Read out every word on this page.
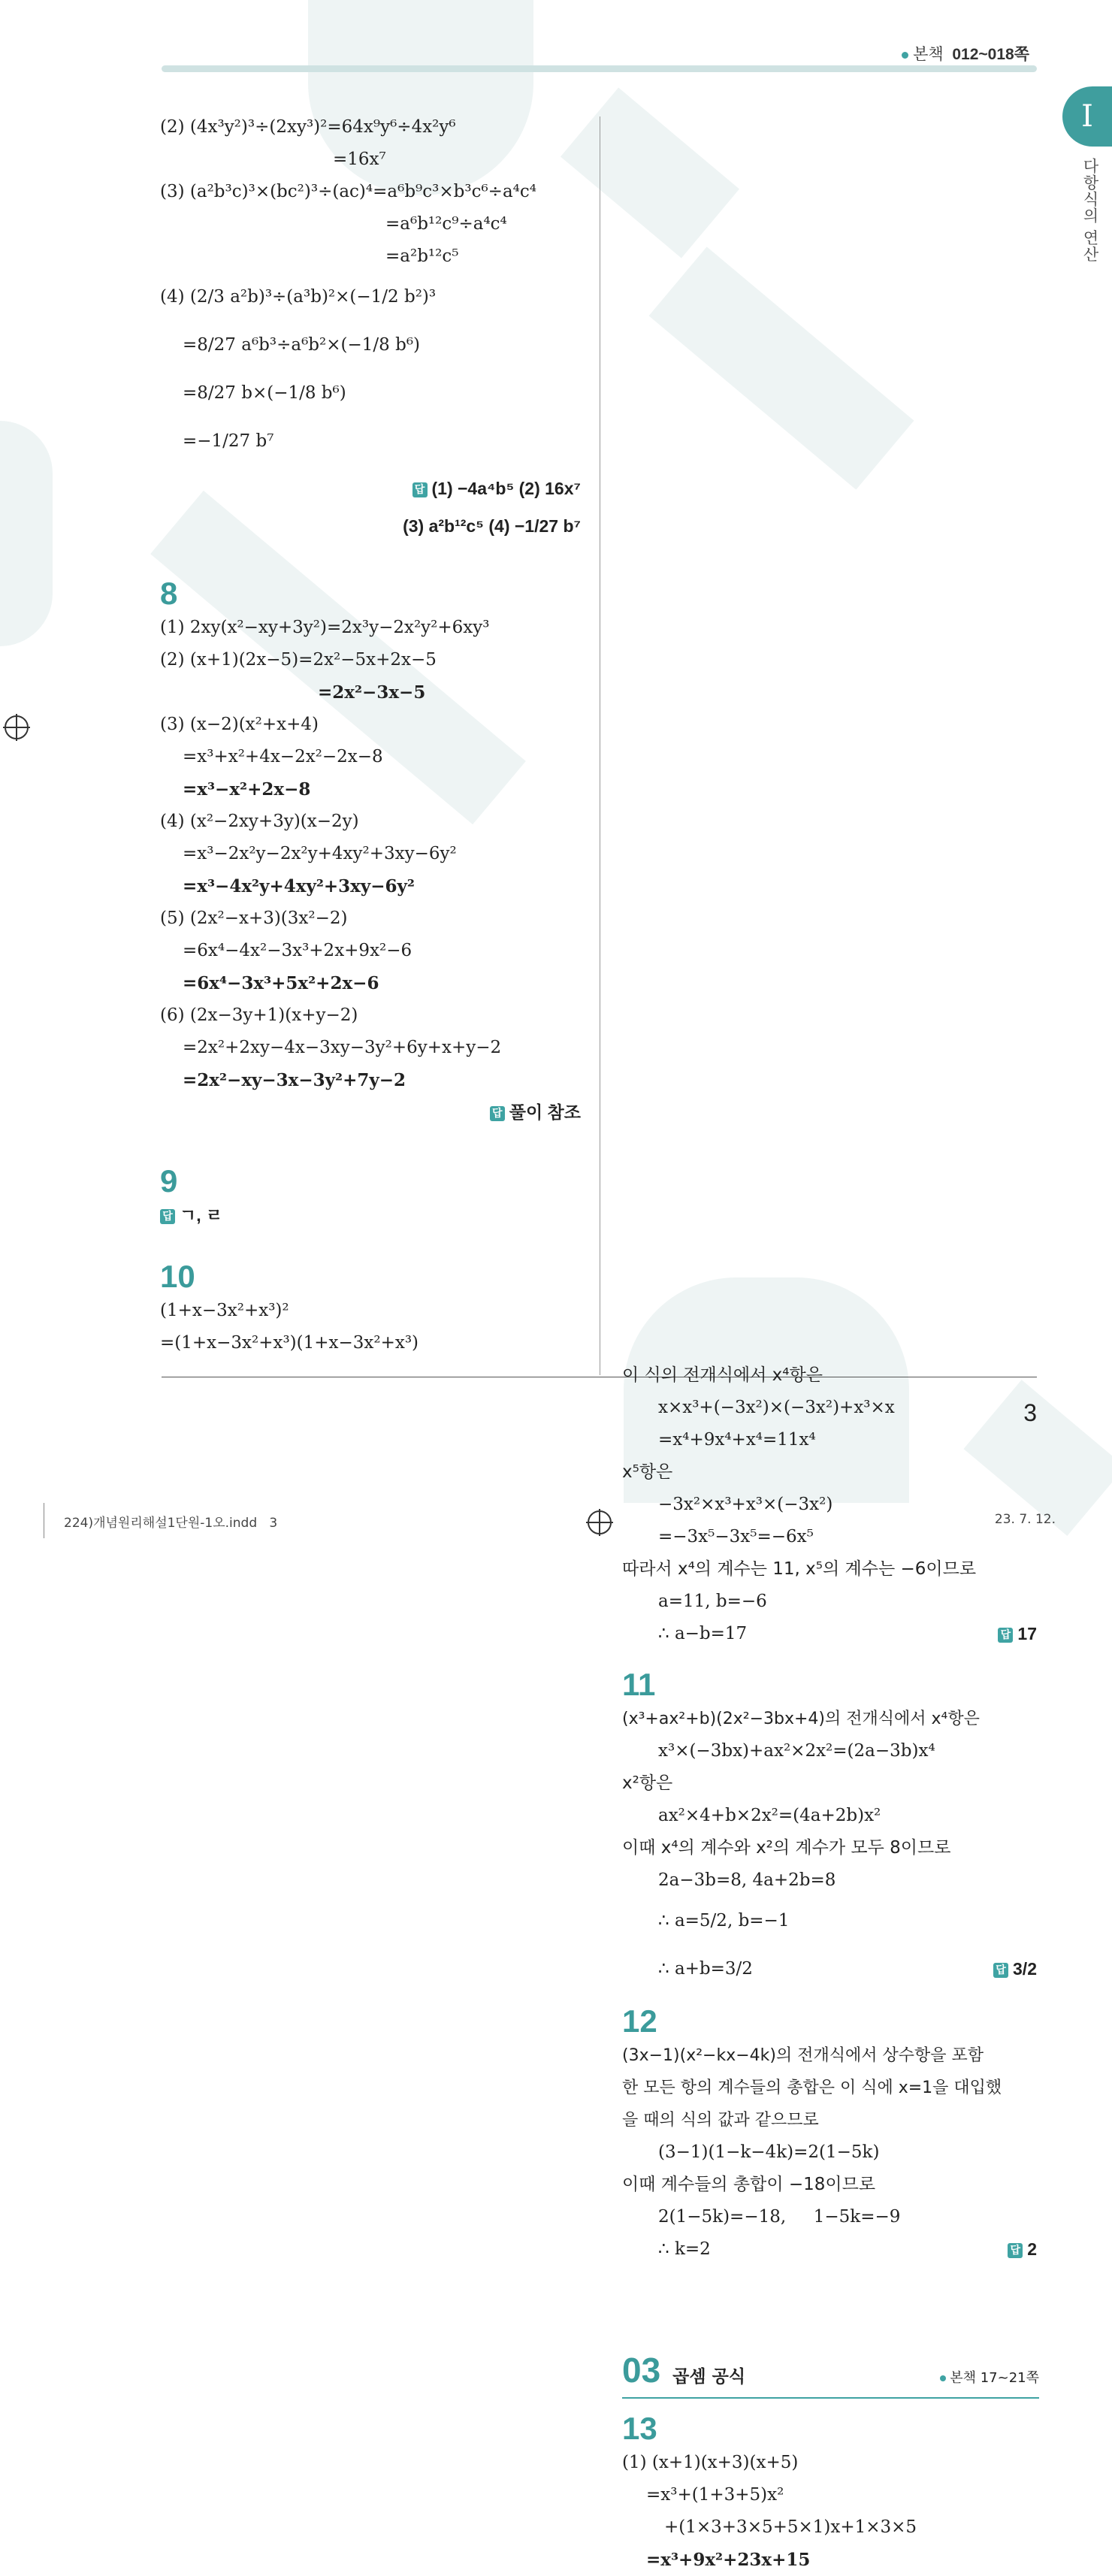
본책 012~018쪽
I
다항식의 연산
(2) (4x³y²)³÷(2xy³)²=64x⁹y⁶÷4x²y⁶
=16x⁷
(3) (a²b³c)³×(bc²)³÷(ac)⁴=a⁶b⁹c³×b³c⁶÷a⁴c⁴
=a⁶b¹²c⁹÷a⁴c⁴
=a²b¹²c⁵
(4) (2/3 a²b)³÷(a³b)²×(−1/2 b²)³
=8/27 a⁶b³÷a⁶b²×(−1/8 b⁶)
=8/27 b×(−1/8 b⁶)
=−1/27 b⁷
답 (1) −4a⁴b⁵ (2) 16x⁷
(3) a²b¹²c⁵ (4) −1/27 b⁷
8
(1) 2xy(x²−xy+3y²)=2x³y−2x²y²+6xy³
(2) (x+1)(2x−5)=2x²−5x+2x−5
=2x²−3x−5
(3) (x−2)(x²+x+4)
=x³+x²+4x−2x²−2x−8
=x³−x²+2x−8
(4) (x²−2xy+3y)(x−2y)
=x³−2x²y−2x²y+4xy²+3xy−6y²
=x³−4x²y+4xy²+3xy−6y²
(5) (2x²−x+3)(3x²−2)
=6x⁴−4x²−3x³+2x+9x²−6
=6x⁴−3x³+5x²+2x−6
(6) (2x−3y+1)(x+y−2)
=2x²+2xy−4x−3xy−3y²+6y+x+y−2
=2x²−xy−3x−3y²+7y−2
답 풀이 참조
9
답 ㄱ, ㄹ
10
(1+x−3x²+x³)²
=(1+x−3x²+x³)(1+x−3x²+x³)
이 식의 전개식에서 x⁴항은
x×x³+(−3x²)×(−3x²)+x³×x
=x⁴+9x⁴+x⁴=11x⁴
x⁵항은
−3x²×x³+x³×(−3x²)
=−3x⁵−3x⁵=−6x⁵
따라서 x⁴의 계수는 11, x⁵의 계수는 −6이므로
a=11, b=−6
∴ a−b=17	답 17
11
(x³+ax²+b)(2x²−3bx+4)의 전개식에서 x⁴항은
x³×(−3bx)+ax²×2x²=(2a−3b)x⁴
x²항은
ax²×4+b×2x²=(4a+2b)x²
이때 x⁴의 계수와 x²의 계수가 모두 8이므로
2a−3b=8, 4a+2b=8
∴ a=5/2, b=−1
∴ a+b=3/2	답 3/2
12
(3x−1)(x²−kx−4k)의 전개식에서 상수항을 포함
한 모든 항의 계수들의 총합은 이 식에 x=1을 대입했
을 때의 식의 값과 같으므로
(3−1)(1−k−4k)=2(1−5k)
이때 계수들의 총합이 −18이므로
2(1−5k)=−18,     1−5k=−9
∴ k=2	답 2
03 곱셈 공식	본책 17~21쪽
13
(1) (x+1)(x+3)(x+5)
=x³+(1+3+5)x²
+(1×3+3×5+5×1)x+1×3×5
=x³+9x²+23x+15
3
224)개념원리해설1단원-1오.indd   3	23. 7. 12.
